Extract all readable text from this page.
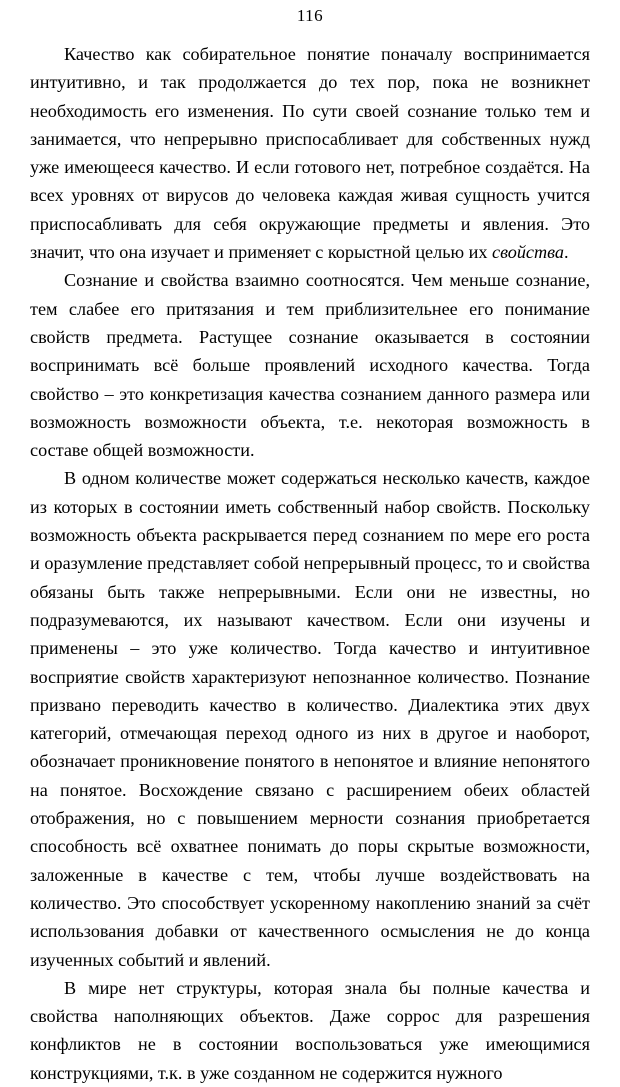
116

Качество как собирательное понятие поначалу воспринимается интуитивно, и так продолжается до тех пор, пока не возникнет необходимость его изменения. По сути своей сознание только тем и занимается, что непрерывно приспосабливает для собственных нужд уже имеющееся качество. И если готового нет, потребное создаётся. На всех уровнях от вирусов до человека каждая живая сущность учится приспосабливать для себя окружающие предметы и явления. Это значит, что она изучает и применяет с корыстной целью их свойства.

Сознание и свойства взаимно соотносятся. Чем меньше сознание, тем слабее его притязания и тем приблизительнее его понимание свойств предмета. Растущее сознание оказывается в состоянии воспринимать всё больше проявлений исходного качества. Тогда свойство – это конкретизация качества сознанием данного размера или возможность возможности объекта, т.е. некоторая возможность в составе общей возможности.

В одном количестве может содержаться несколько качеств, каждое из которых в состоянии иметь собственный набор свойств. Поскольку возможность объекта раскрывается перед сознанием по мере его роста и оразумление представляет собой непрерывный процесс, то и свойства обязаны быть также непрерывными. Если они не известны, но подразумеваются, их называют качеством. Если они изучены и применены – это уже количество. Тогда качество и интуитивное восприятие свойств характеризуют непознанное количество. Познание призвано переводить качество в количество. Диалектика этих двух категорий, отмечающая переход одного из них в другое и наоборот, обозначает проникновение понятого в непонятое и влияние непонятого на понятое. Восхождение связано с расширением обеих областей отображения, но с повышением мерности сознания приобретается способность всё охватнее понимать до поры скрытые возможности, заложенные в качестве с тем, чтобы лучше воздействовать на количество. Это способствует ускоренному накоплению знаний за счёт использования добавки от качественного осмысления не до конца изученных событий и явлений.

В мире нет структуры, которая знала бы полные качества и свойства наполняющих объектов. Даже соррос для разрешения конфликтов не в состоянии воспользоваться уже имеющимися конструкциями, т.к. в уже созданном не содержится нужного
